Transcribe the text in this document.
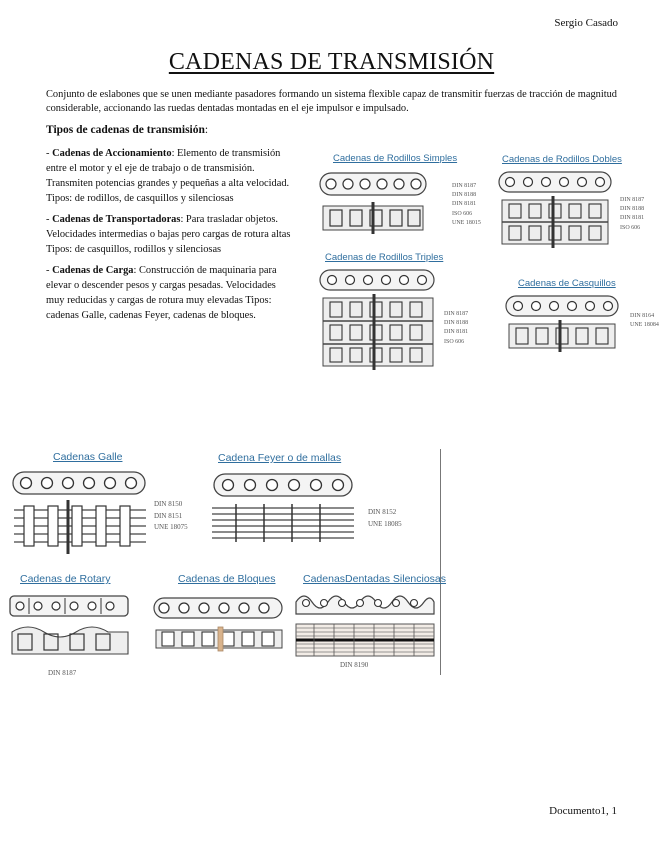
Sergio Casado
CADENAS DE TRANSMISIÓN
Conjunto de eslabones que se unen mediante pasadores formando un sistema flexible capaz de transmitir fuerzas de tracción de magnitud considerable, accionando las ruedas dentadas montadas en el eje impulsor e impulsado.
Tipos de cadenas de transmisión:

- Cadenas de Accionamiento: Elemento de transmisión entre el motor y el eje de trabajo o de transmisión. Transmiten potencias grandes y pequeñas a alta velocidad. Tipos: de rodillos, de casquillos y silenciosas

- Cadenas de Transportadoras: Para trasladar objetos. Velocidades intermedias o bajas pero cargas de rotura altas Tipos: de casquillos, rodillos y silenciosas

- Cadenas de Carga: Construcción de maquinaria para elevar o descender pesos y cargas pesadas. Velocidades muy reducidas y cargas de rotura muy elevadas Tipos: cadenas Galle, cadenas Feyer, cadenas de bloques.

Cadenas de Rodillos Simples
DIN 8187
DIN 8188
DIN 8181
ISO 606
UNE 18015
Cadenas de Rodillos Dobles
DIN 8187
DIN 8188
DIN 8181
ISO 606
Cadenas de Rodillos Triples
DIN 8187
DIN 8188
DIN 8181
ISO 606
Cadenas de Casquillos
DIN 8164
UNE 18084
Cadenas Galle
DIN 8150
DIN 8151
UNE 18075
Cadena Feyer o de mallas
DIN 8152
UNE 18085
Cadenas de Rotary
DIN 8187
Cadenas de Bloques	CadenasDentadas Silenciosas
DIN 8190
Documento1, 1
